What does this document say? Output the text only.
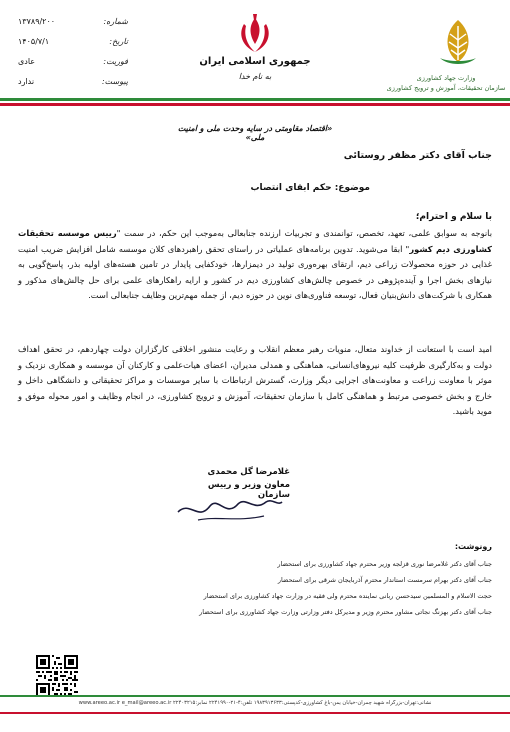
شماره:
۱۳۷۸۹/۲۰۰
تاریخ:
۱۴۰۵/۷/۱
فوریت:
عادی
پیوست:
ندارد
جمهوری اسلامی ایران
به نام خدا	وزارت جهاد کشاورزی
سازمان تحقیقات، آموزش و ترویج کشاورزی
«اقتصاد مقاومتی در سایه وحدت ملی و امنیت ملی»
جناب آقای دکتر مظفر روستائی
موضوع: حکم ابقای انتصاب
با سلام و احترام؛
بانوجه به سوابق علمی، تعهد، تخصص، توانمندی و تجربیات ارزنده جنابعالی به‌موجب این حکم، در سمت "رییس موسسه تحقیقات کشاورزی دیم کشور" ابقا می‌شوید. تدوین برنامه‌های عملیاتی در راستای تحقق راهبردهای کلان موسسه شامل افزایش ضریب امنیت غذایی در حوزه محصولات زراعی دیم، ارتقای بهره‌وری تولید در دیمزارها، خودکفایی پایدار در تامین هسته‌های اولیه بذر، پاسخ‌گویی به نیازهای بخش اجرا و آینده‌پژوهی در خصوص چالش‌های کشاورزی دیم در کشور و ارایه راهکارهای علمی برای حل چالش‌های مذکور و همکاری با شرکت‌های دانش‌بنیان فعال، توسعه فناوری‌های نوین در حوزه دیم، از جمله مهم‌ترین وظایف جنابعالی است.
امید است با استعانت از خداوند متعال، منویات رهبر معظم انقلاب و رعایت منشور اخلاقی کارگزاران دولت چهاردهم، در تحقق اهداف دولت و به‌کارگیری ظرفیت کلیه نیروهای‌انسانی، هماهنگی و همدلی مدیران، اعضای هیات‌علمی و کارکنان آن موسسه و همکاری نزدیک و موثر با معاونت زراعت و معاونت‌های اجرایی دیگر وزارت، گسترش ارتباطات با سایر موسسات و مراکز تحقیقاتی و دانشگاهی داخل و خارج و بخش خصوصی مرتبط و هماهنگی کامل با سازمان تحقیقات، آموزش و ترویج کشاورزی، در انجام وظایف و امور محوله موفق و موید باشید.
غلامرضا گل محمدی
معاون وزیر و رییس سازمان
رونوشت:
جناب آقای دکتر غلامرضا نوری قزلجه وزیر محترم جهاد کشاورزی برای استحضار
جناب آقای دکتر بهرام سرمست استاندار محترم آذربایجان شرقی برای استحضار
حجت الاسلام و المسلمین سیدحسن ربانی نماینده محترم ولی فقیه در وزارت جهاد کشاورزی برای استحضار
جناب آقای دکتر بهزنگ نجاتی مشاور محترم وزیر و مدیرکل دفتر وزارتی وزارت جهاد کشاورزی برای استحضار
نشانی:تهران-بزرگراه شهید چمران-خیابان یمن-باغ کشاورزی-کدپستی:۱۹۸۳۹۱۳۶۳۳ تلفن:۴-۲۱-۲۲۴۱۹۹۰ نمابر:۲۲۴۰۳۲۱۵ www.areeo.ac.ir e_mail@areeo.ac.ir
